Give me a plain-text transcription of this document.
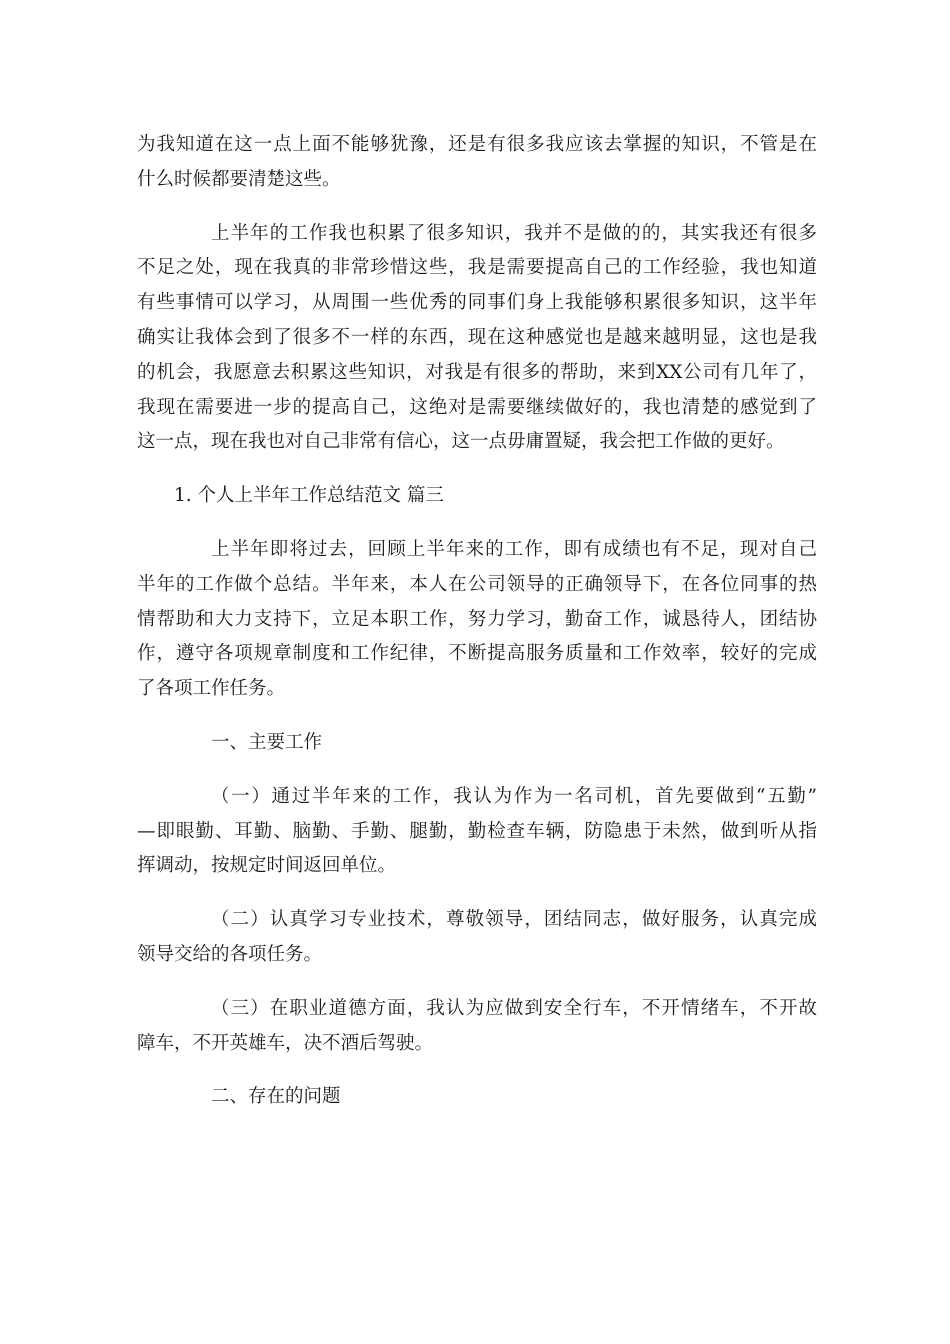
为我知道在这一点上面不能够犹豫，还是有很多我应该去掌握的知识，不管是在
什么时候都要清楚这些。
上半年的工作我也积累了很多知识，我并不是做的的，其实我还有很多
不足之处，现在我真的非常珍惜这些，我是需要提高自己的工作经验，我也知道
有些事情可以学习，从周围一些优秀的同事们身上我能够积累很多知识，这半年
确实让我体会到了很多不一样的东西，现在这种感觉也是越来越明显，这也是我
的机会，我愿意去积累这些知识，对我是有很多的帮助，来到XX公司有几年了，
我现在需要进一步的提高自己，这绝对是需要继续做好的，我也清楚的感觉到了
这一点，现在我也对自己非常有信心，这一点毋庸置疑，我会把工作做的更好。
1. 个人上半年工作总结范文 篇三
上半年即将过去，回顾上半年来的工作，即有成绩也有不足，现对自己
半年的工作做个总结。半年来，本人在公司领导的正确领导下，在各位同事的热
情帮助和大力支持下，立足本职工作，努力学习，勤奋工作，诚恳待人，团结协
作，遵守各项规章制度和工作纪律，不断提高服务质量和工作效率，较好的完成
了各项工作任务。
一、主要工作
（一）通过半年来的工作，我认为作为一名司机，首先要做到“五勤”
—即眼勤、耳勤、脑勤、手勤、腿勤，勤检查车辆，防隐患于未然，做到听从指
挥调动，按规定时间返回单位。
（二）认真学习专业技术，尊敬领导，团结同志，做好服务，认真完成
领导交给的各项任务。
（三）在职业道德方面，我认为应做到安全行车，不开情绪车，不开故
障车，不开英雄车，决不酒后驾驶。
二、存在的问题
